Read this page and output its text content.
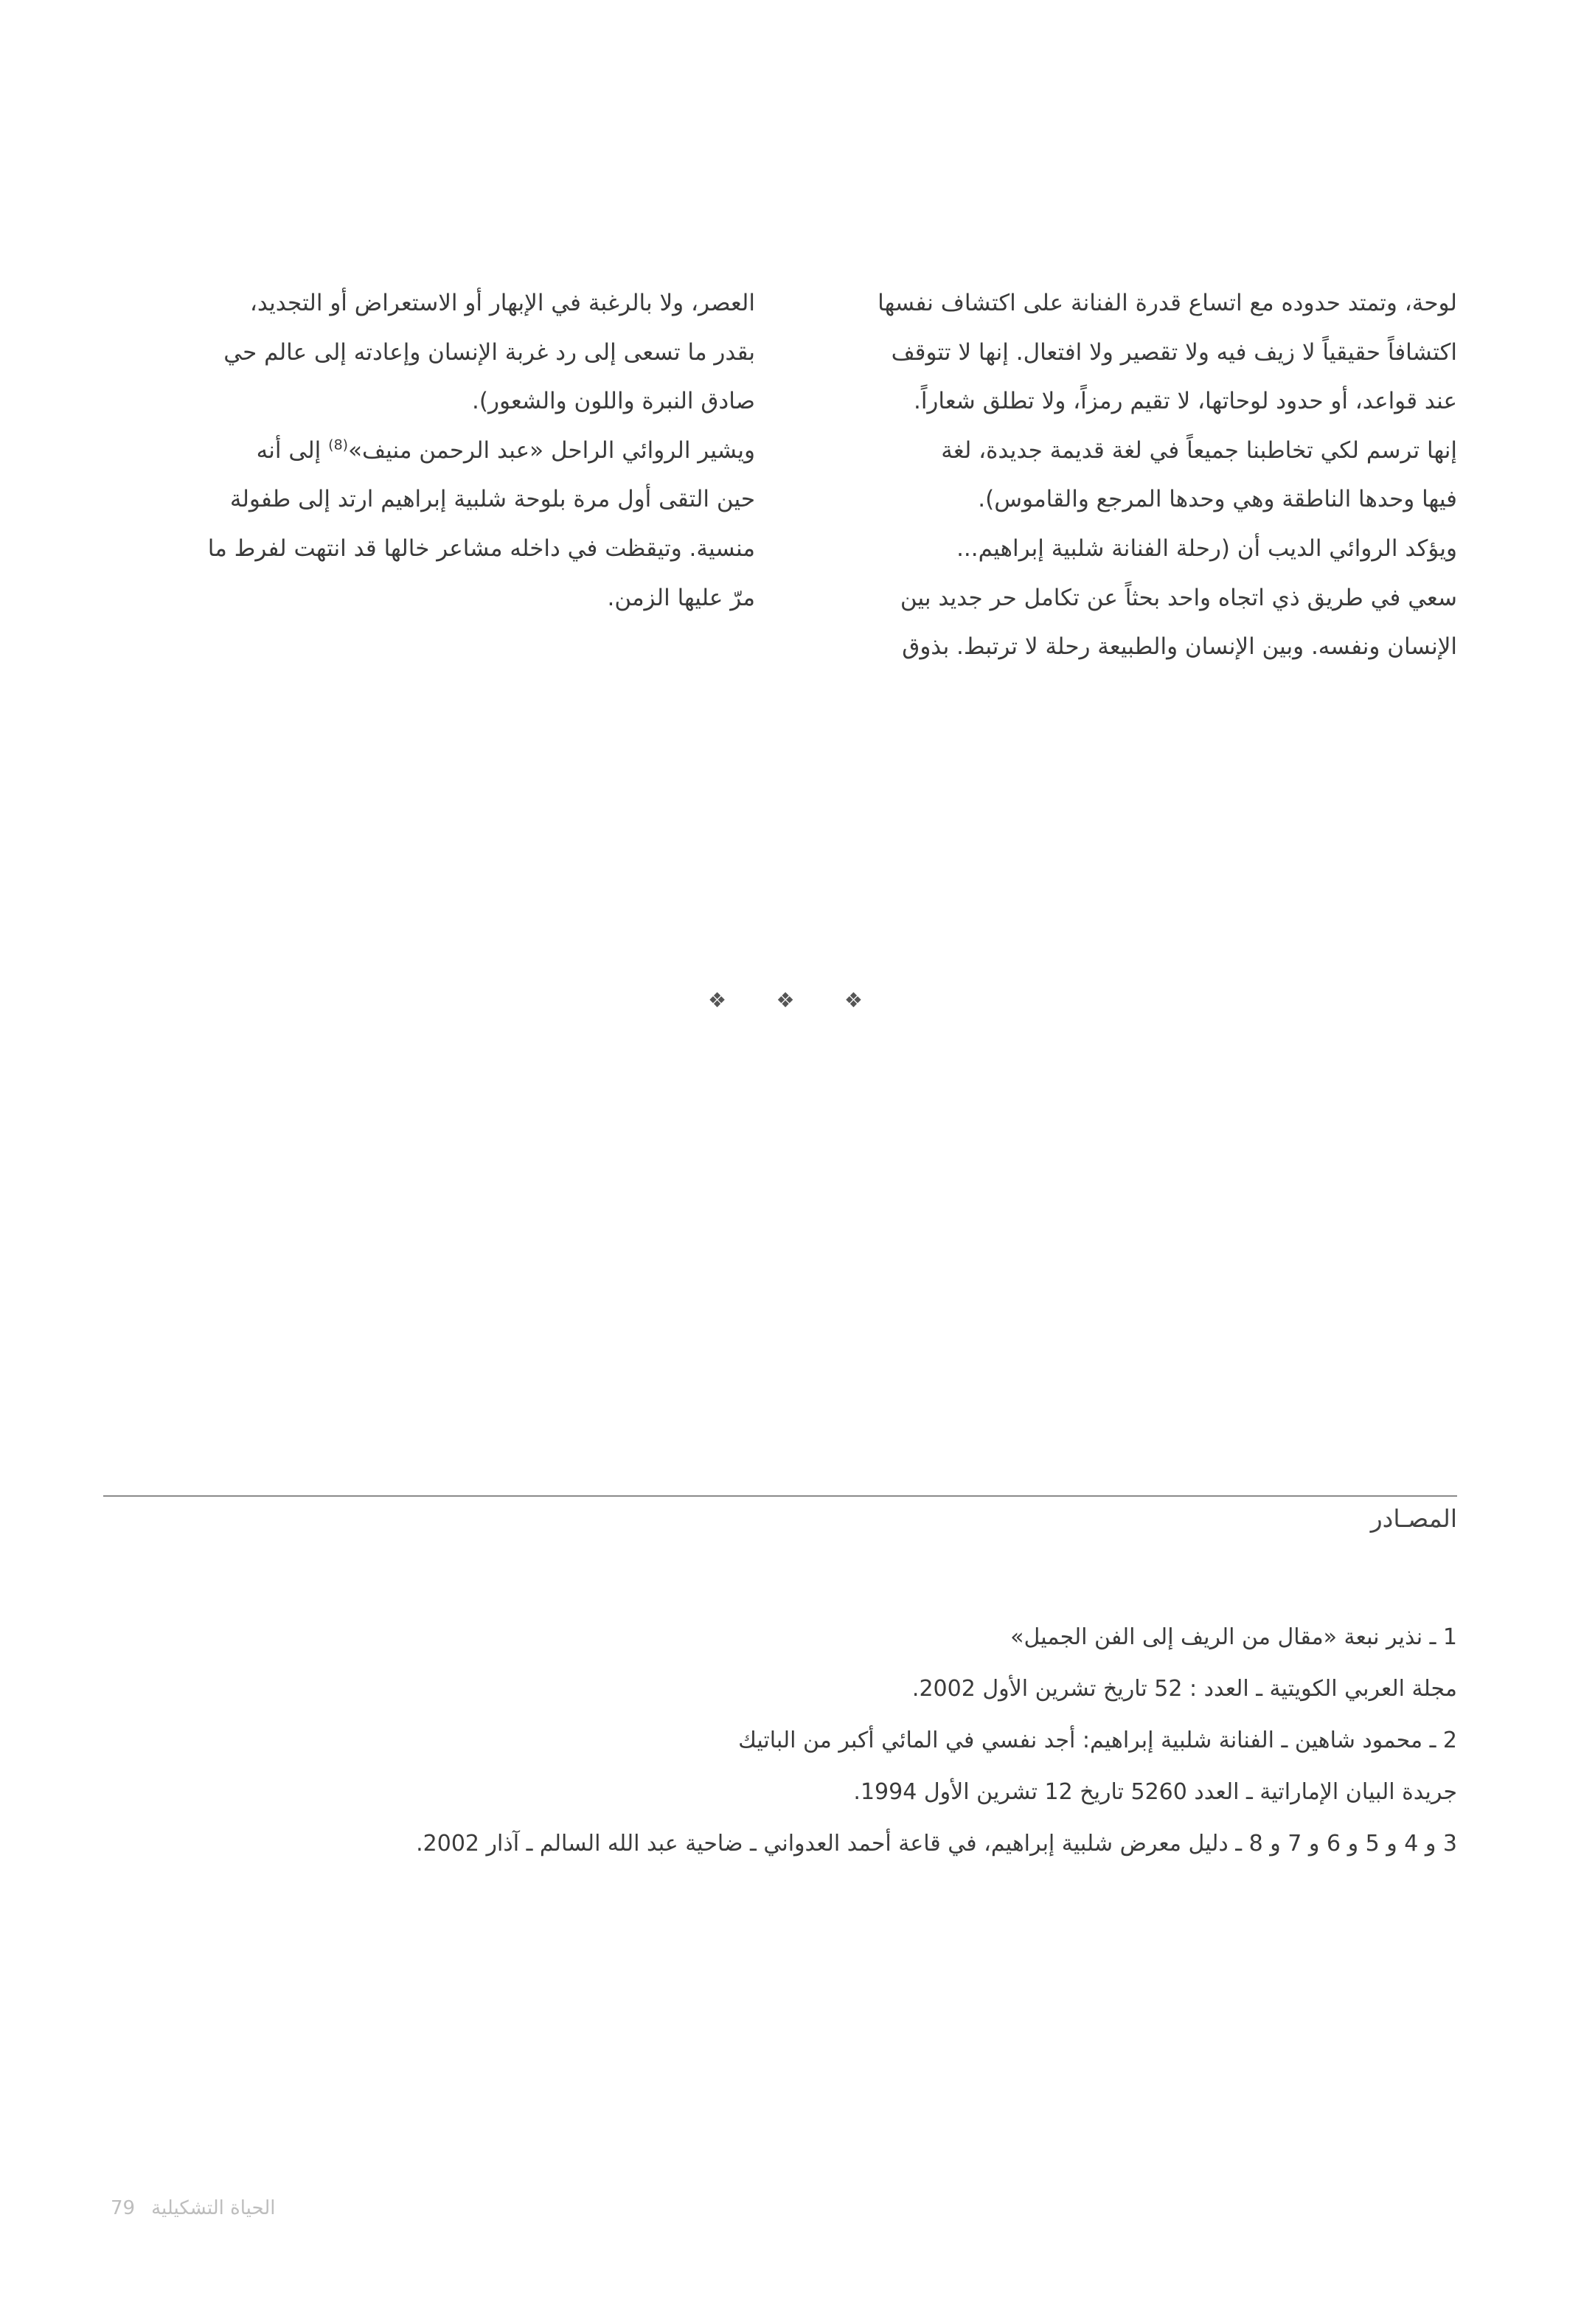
لوحة، وتمتد حدوده مع اتساع قدرة الفنانة على اكتشاف نفسها
اكتشافاً حقيقياً لا زيف فيه ولا تقصير ولا افتعال. إنها لا تتوقف
عند قواعد، أو حدود لوحاتها، لا تقيم رمزاً، ولا تطلق شعاراً.
إنها ترسم لكي تخاطبنا جميعاً في لغة قديمة جديدة، لغة
فيها وحدها الناطقة وهي وحدها المرجع والقاموس).
ويؤكد الروائي الديب أن (رحلة الفنانة شلبية إبراهيم...
سعي في طريق ذي اتجاه واحد بحثاً عن تكامل حر جديد بين
الإنسان ونفسه. وبين الإنسان والطبيعة رحلة لا ترتبط. بذوق
العصر، ولا بالرغبة في الإبهار أو الاستعراض أو التجديد،
بقدر ما تسعى إلى رد غربة الإنسان وإعادته إلى عالم حي
صادق النبرة واللون والشعور).
ويشير الروائي الراحل «عبد الرحمن منيف»$^{(8)}$ إلى أنه
حين التقى أول مرة بلوحة شلبية إبراهيم ارتد إلى طفولة
منسية. وتيقظت في داخله مشاعر خالها قد انتهت لفرط ما
مرّ عليها الزمن.
❖
❖
❖
المصـادر
1 ـ نذير نبعة «مقال من الريف إلى الفن الجميل»
مجلة العربي الكويتية ـ العدد : 52 تاريخ تشرين الأول 2002.
2 ـ محمود شاهين ـ الفنانة شلبية إبراهيم: أجد نفسي في المائي أكبر من الباتيك
جريدة البيان الإماراتية ـ العدد 5260 تاريخ 12 تشرين الأول 1994.
3 و 4 و 5 و 6 و 7 و 8 ـ دليل معرض شلبية إبراهيم، في قاعة أحمد العدواني ـ ضاحية عبد الله السالم ـ آذار 2002.
الحياة التشكيلية
79
